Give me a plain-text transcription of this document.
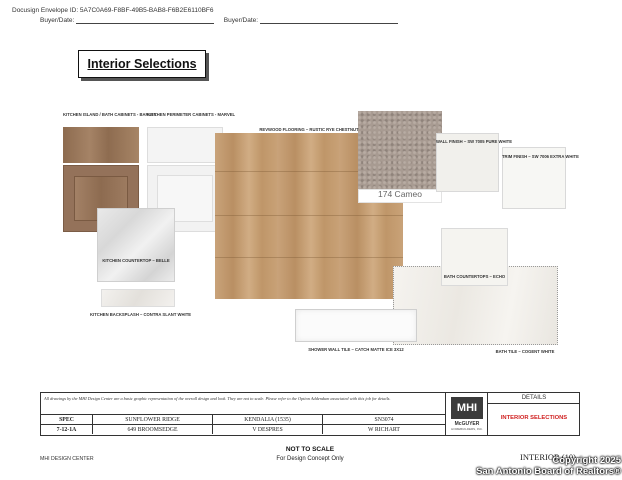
Docusign Envelope ID: 5A7C0A69-F8BF-49B5-BAB8-F6B2E6110BF6
Buyer/Date:	Buyer/Date:
Interior Selections
KITCHEN ISLAND / BATH CABINETS - BARLEY
KITCHEN PERIMETER CABINETS - MARVEL
KITCHEN COUNTERTOP – BELLE
KITCHEN BACKSPLASH – CONTRA SLANT WHITE
174 Cameo
BATH COUNTERTOPS – ECHO
SHOWER WALL TILE – CATCH MATTE ICE 3X12	BATH TILE – COGENT WHITE
WALL FINISH – SW 7005 PURE WHITE
TRIM FINISH – SW 7006 EXTRA WHITE
REVWOOD FLOORING – RUSTIC RYE CHESTNUT
SPEC	SUNFLOWER RIDGE	KENDALIA (1535)	SN3074
7-12-1A	649 BROOMSEDGE	V DESPRES	W RICHART
MHI
McGUYER
HOMEBUILDERS, INC.
DETAILS
INTERIOR SELECTIONS
All drawings by the MHI Design Center are a basic graphic representation of the overall design and look. They are not to scale. Please refer to the Option Addendum associated with this job for details.
NOT TO SCALE
For Design Concept Only
MHI DESIGN CENTER	INTERIOR (10)
Copyright 2025
San Antonio Board of Realtors®
